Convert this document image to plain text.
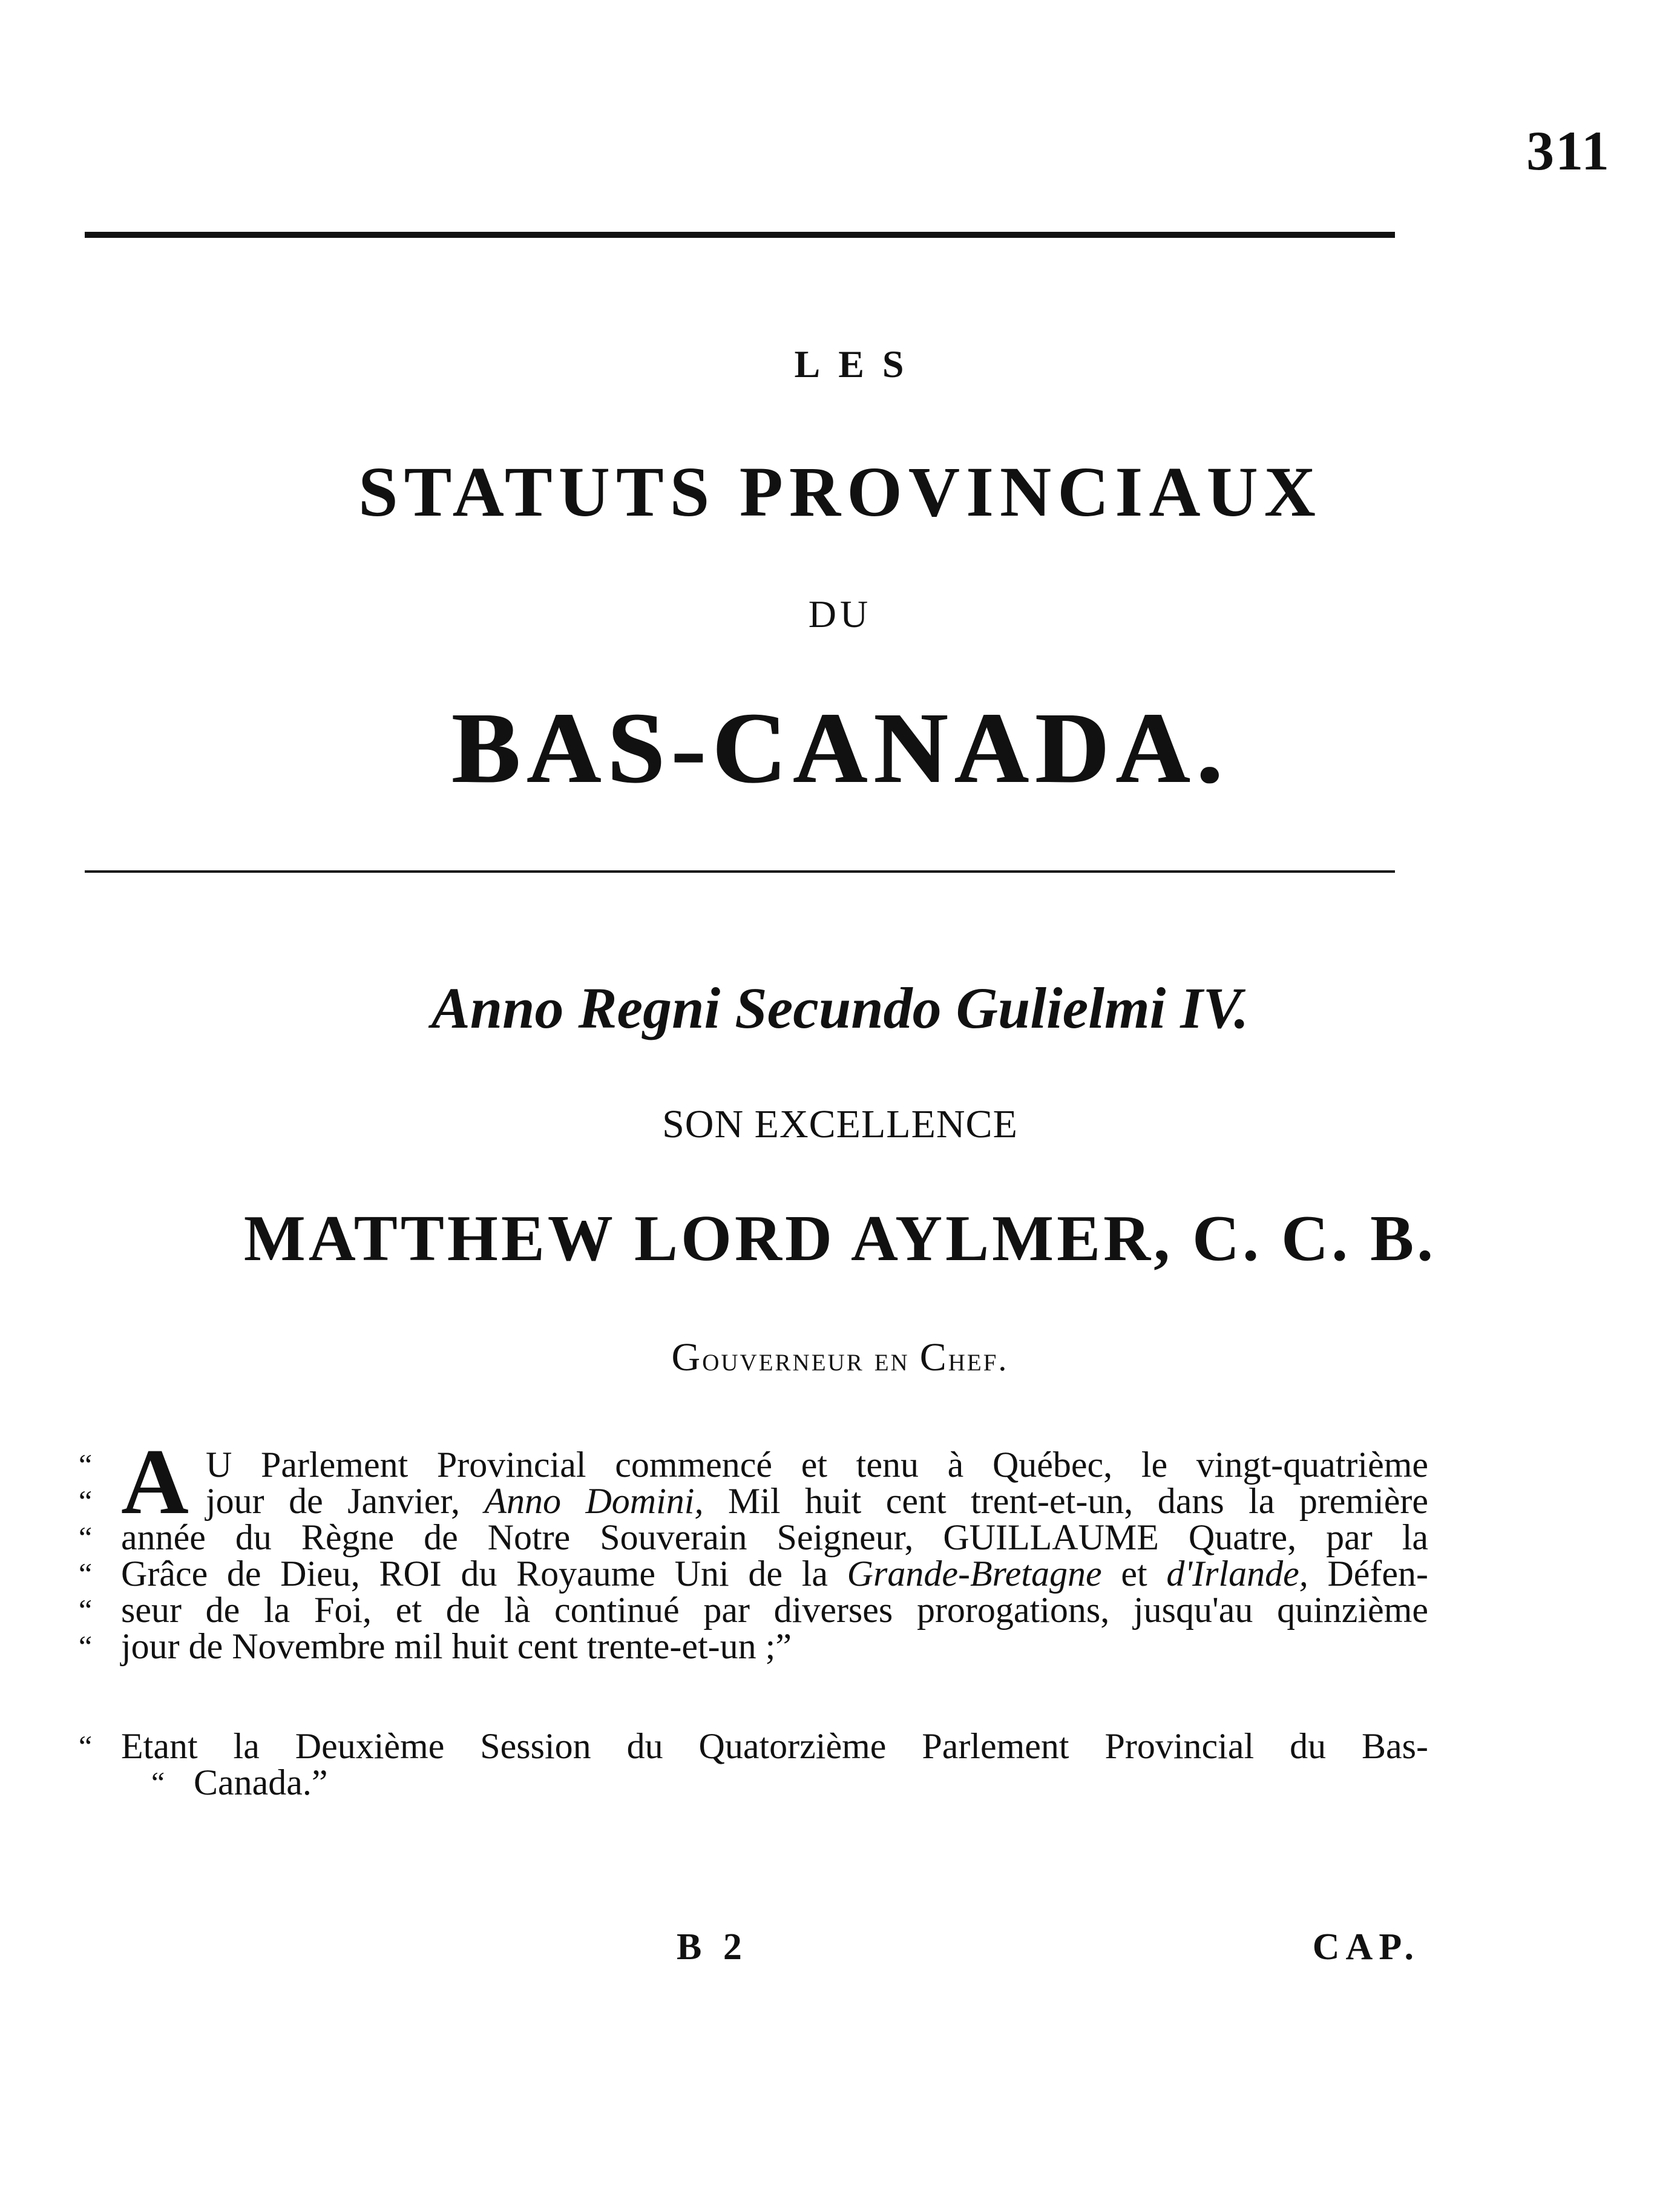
311
LES
STATUTS PROVINCIAUX
DU
BAS-CANADA.
Anno Regni Secundo Gulielmi IV.
SON EXCELLENCE
MATTHEW LORD AYLMER, C. C. B.
Gouverneur en Chef.
A
“	U Parlement Provincial commencé et tenu à Québec, le vingt-quatrième
“	jour de Janvier, Anno Domini, Mil huit cent trent-et-un, dans la première
“ année du Règne de Notre Souverain Seigneur, GUILLAUME Quatre, par la
“ Grâce de Dieu, ROI du Royaume Uni de la Grande-Bretagne et d'Irlande, Défen-
“ seur de la Foi, et de là continué par diverses prorogations, jusqu'au quinzième
“ jour de Novembre mil huit cent trente-et-un ;”
“ Etant la Deuxième Session du Quatorzième Parlement Provincial du Bas-
“ Canada.”
B 2	CAP.
